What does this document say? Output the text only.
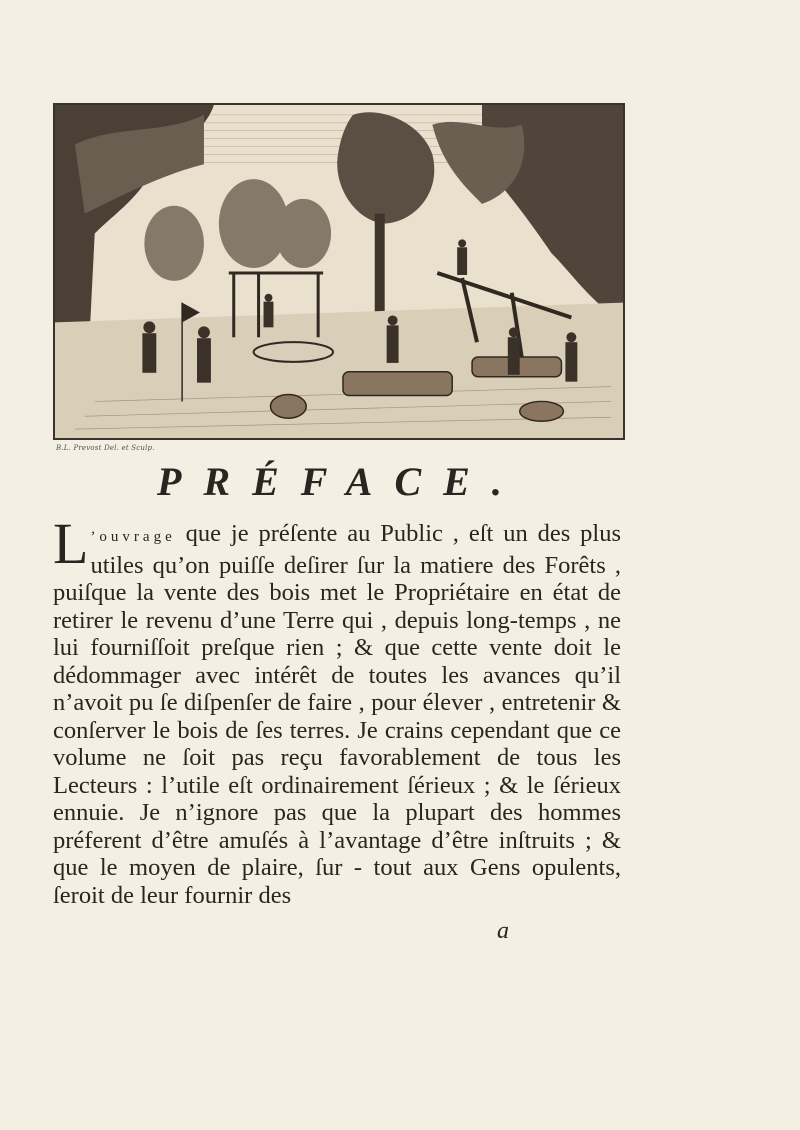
B.L. Prevost Del. et Sculp.
PRÉFACE.
L ’ouvrage que je préſente au Public , eſt un des plus utiles qu’on puiſſe deſirer ſur la matiere des Forêts , puiſque la vente des bois met le Propriétaire en état de retirer le revenu d’une Terre qui , depuis long-temps , ne lui fourniſſoit preſque rien ; & que cette vente doit le dédommager avec intérêt de toutes les avances qu’il n’avoit pu ſe diſpenſer de faire , pour élever , entretenir & conſerver le bois de ſes terres. Je crains cependant que ce volume ne ſoit pas reçu favorablement de tous les Lecteurs : l’utile eſt ordinairement ſérieux ; & le ſérieux ennuie. Je n’ignore pas que la plupart des hommes préferent d’être amuſés à l’avantage d’être inſtruits ; & que le moyen de plaire, ſur - tout aux Gens opulents, ſeroit de leur fournir des
a
